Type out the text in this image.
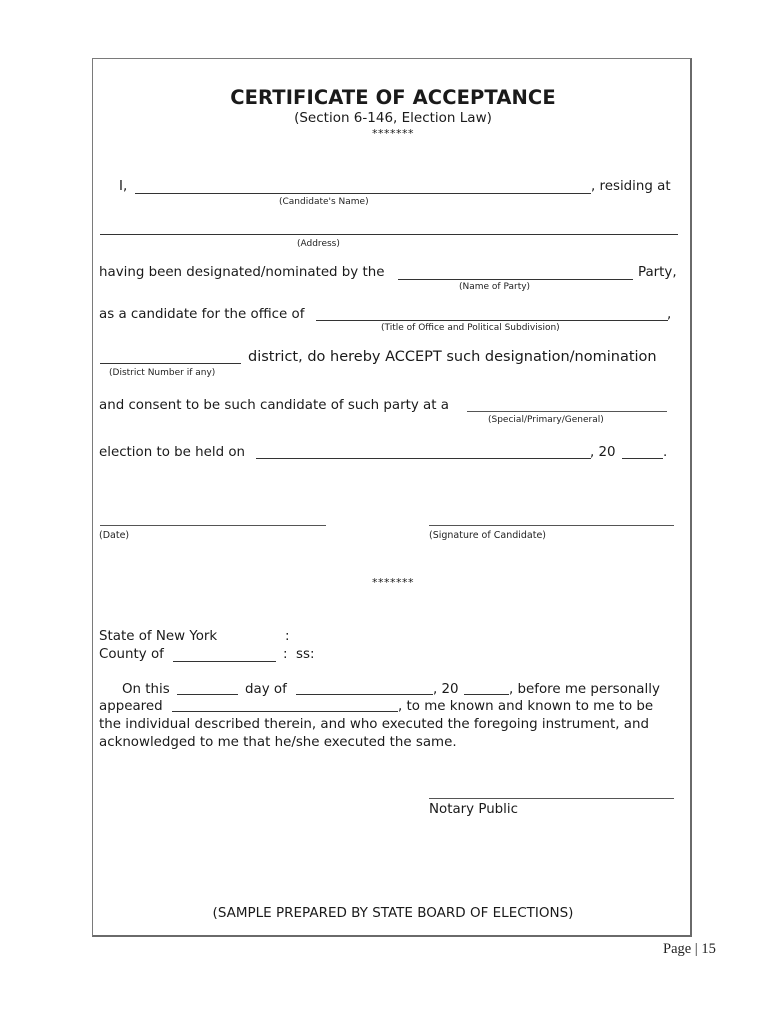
CERTIFICATE OF ACCEPTANCE
(Section 6-146, Election Law)
*******
I,	, residing at
(Candidate's Name)
(Address)
having been designated/nominated by the	Party,
(Name of Party)
as a candidate for the office of	,
(Title of Office and Political Subdivision)
district, do hereby ACCEPT such designation/nomination
(District Number if any)
and consent to be such candidate of such party at a
(Special/Primary/General)
election to be held on	, 20	.
(Date)	(Signature of Candidate)
*******
State of New York	:
County of	:  ss:
On this	day of	, 20	, before me personally
appeared	, to me known and known to me to be
the individual described therein, and who executed the foregoing instrument, and
acknowledged to me that he/she executed the same.
Notary Public
(SAMPLE PREPARED BY STATE BOARD OF ELECTIONS)
Page | 15
